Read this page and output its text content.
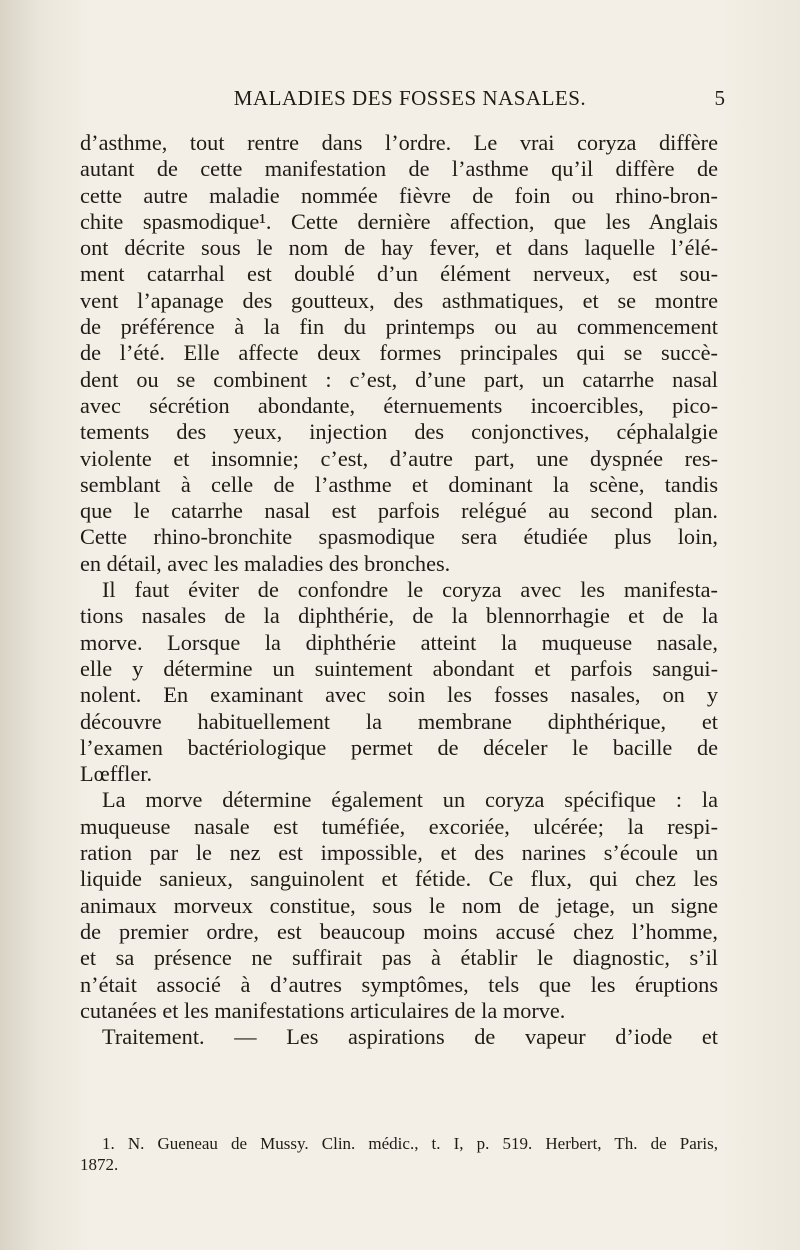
MALADIES DES FOSSES NASALES.	5
d’asthme, tout rentre dans l’ordre. Le vrai coryza diffère
autant de cette manifestation de l’asthme qu’il diffère de
cette autre maladie nommée fièvre de foin ou rhino-bron-
chite spasmodique¹. Cette dernière affection, que les Anglais
ont décrite sous le nom de hay fever, et dans laquelle l’élé-
ment catarrhal est doublé d’un élément nerveux, est sou-
vent l’apanage des goutteux, des asthmatiques, et se montre
de préférence à la fin du printemps ou au commencement
de l’été. Elle affecte deux formes principales qui se succè-
dent ou se combinent : c’est, d’une part, un catarrhe nasal
avec sécrétion abondante, éternuements incoercibles, pico-
tements des yeux, injection des conjonctives, céphalalgie
violente et insomnie; c’est, d’autre part, une dyspnée res-
semblant à celle de l’asthme et dominant la scène, tandis
que le catarrhe nasal est parfois relégué au second plan.
Cette rhino-bronchite spasmodique sera étudiée plus loin,
en détail, avec les maladies des bronches.
Il faut éviter de confondre le coryza avec les manifesta-
tions nasales de la diphthérie, de la blennorrhagie et de la
morve. Lorsque la diphthérie atteint la muqueuse nasale,
elle y détermine un suintement abondant et parfois sangui-
nolent. En examinant avec soin les fosses nasales, on y
découvre habituellement la membrane diphthérique, et
l’examen bactériologique permet de déceler le bacille de
Lœffler.
La morve détermine également un coryza spécifique : la
muqueuse nasale est tuméfiée, excoriée, ulcérée; la respi-
ration par le nez est impossible, et des narines s’écoule un
liquide sanieux, sanguinolent et fétide. Ce flux, qui chez les
animaux morveux constitue, sous le nom de jetage, un signe
de premier ordre, est beaucoup moins accusé chez l’homme,
et sa présence ne suffirait pas à établir le diagnostic, s’il
n’était associé à d’autres symptômes, tels que les éruptions
cutanées et les manifestations articulaires de la morve.
Traitement. — Les aspirations de vapeur d’iode et
1. N. Gueneau de Mussy. Clin. médic., t. I, p. 519. Herbert, Th. de Paris,
1872.
